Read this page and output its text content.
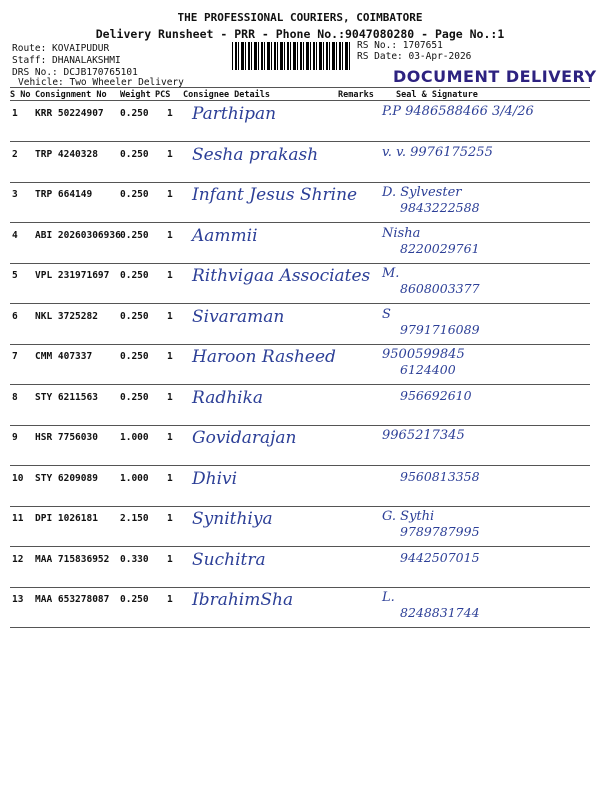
THE PROFESSIONAL COURIERS, COIMBATORE
Delivery Runsheet - PRR - Phone No.:9047080280 - Page No.:1
Route: KOVAIPUDUR
Staff: DHANALAKSHMI
DRS No.: DCJB170765101
Vehicle: Two Wheeler Delivery
RS No.: 1707651
RS Date: 03-Apr-2026
DOCUMENT DELIVERY
S No Consignment No Weight PCS Consignee Details	Remarks	Seal & Signature
1 KRR 50224907 0.250 1 Parthipan	P.P 9486588466 3/4/26
2 TRP 4240328 0.250 1 Sesha prakash	v. v. 9976175255
3 TRP 664149	0.250 1 Infant Jesus Shrine	D. Sylvester
9843222588
4 ABI 20260306936 0.250 1 Aammii	Nisha
8220029761
5 VPL 231971697 0.250 1 Rithvigaa Associates M.
8608003377
6 NKL 3725282 0.250 1 Sivaraman	S
9791716089
7 CMM 407337	0.250 1 Haroon Rasheed	9500599845
6124400
8 STY 6211563 0.250 1 Radhika	956692610
9 HSR 7756030 1.000 1 Govidarajan	9965217345
10 STY 6209089 1.000 1 Dhivi	9560813358
11 DPI 1026181 2.150 1 Synithiya	G. Sythi
9789787995
12 MAA 715836952 0.330 1 Suchitra	9442507015
13 MAA 653278087 0.250 1 IbrahimSha	L.
8248831744
